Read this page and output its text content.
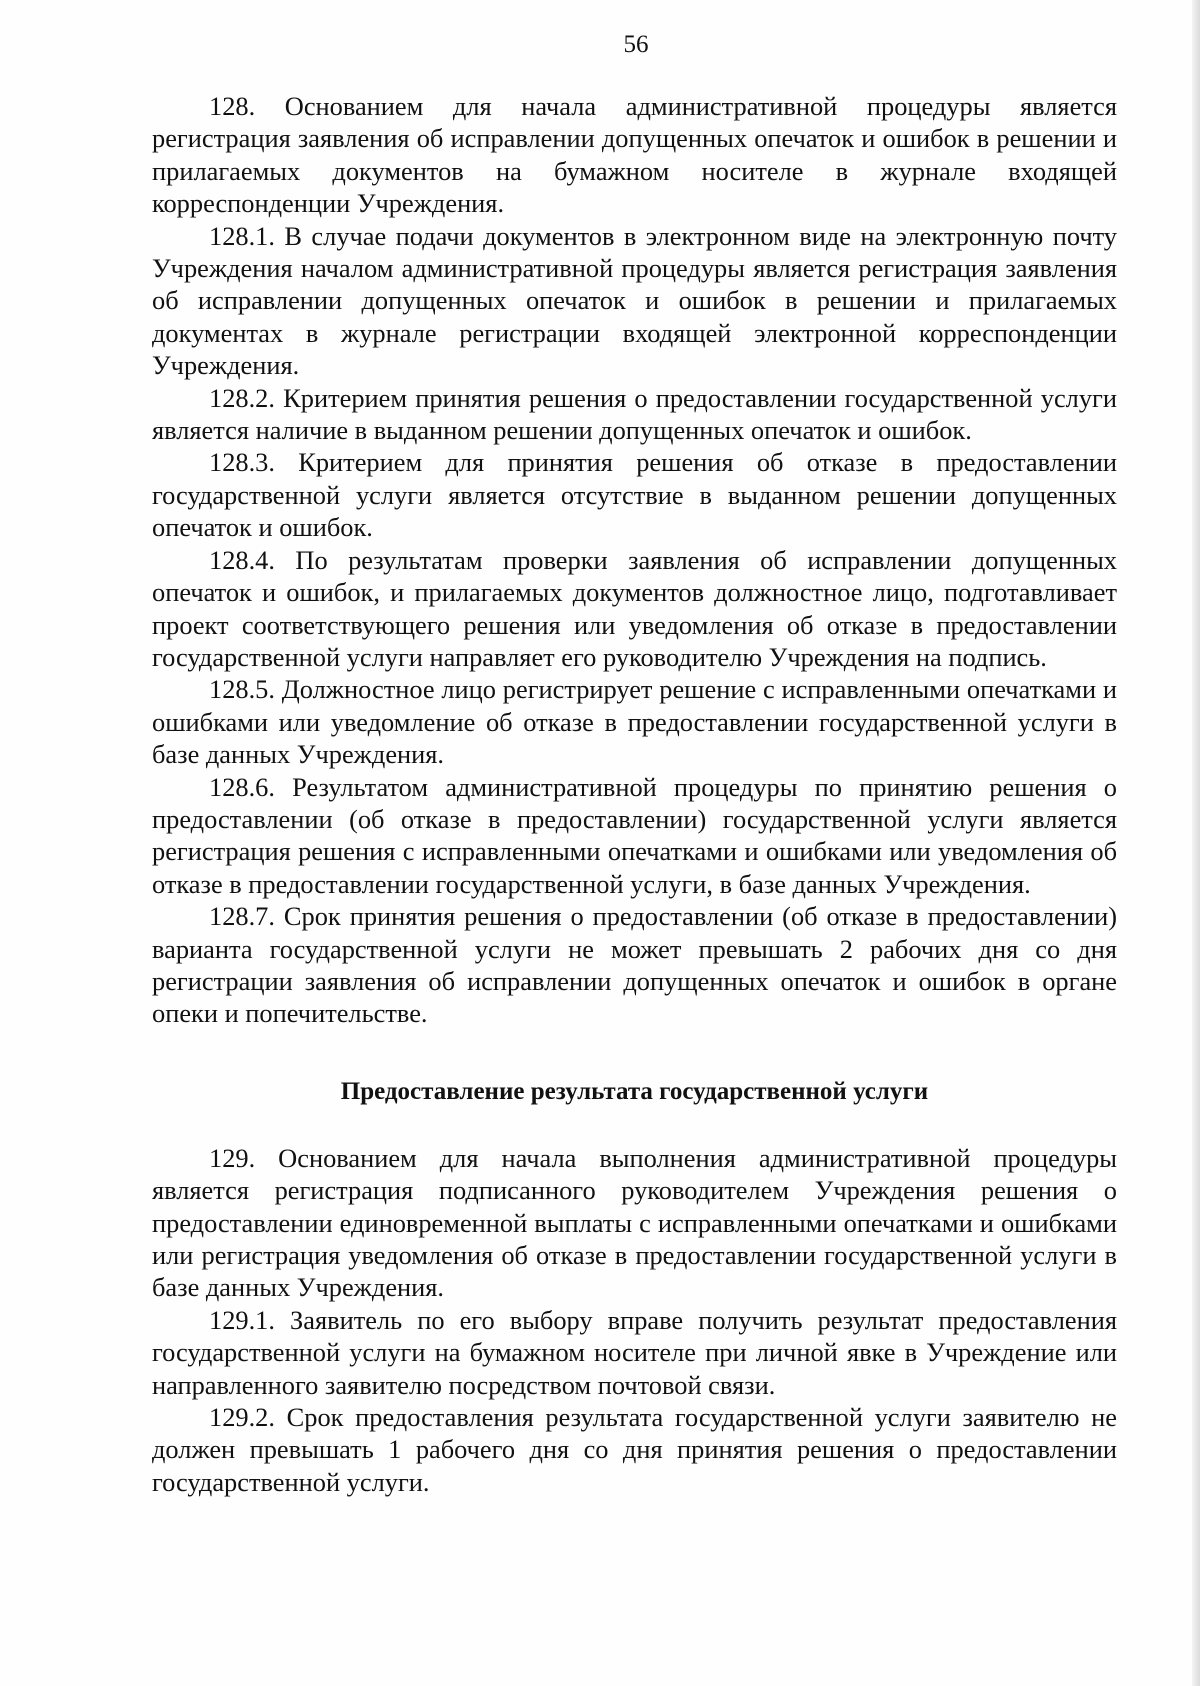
56

128. Основанием для начала административной процедуры является регистрация заявления об исправлении допущенных опечаток и ошибок в решении и прилагаемых документов на бумажном носителе в журнале входящей корреспонденции Учреждения.

128.1. В случае подачи документов в электронном виде на электронную почту Учреждения началом административной процедуры является регистрация заявления об исправлении допущенных опечаток и ошибок в решении и прилагаемых документах в журнале регистрации входящей электронной корреспонденции Учреждения.

128.2. Критерием принятия решения о предоставлении государственной услуги является наличие в выданном решении допущенных опечаток и ошибок.

128.3. Критерием для принятия решения об отказе в предоставлении государственной услуги является отсутствие в выданном решении допущенных опечаток и ошибок.

128.4. По результатам проверки заявления об исправлении допущенных опечаток и ошибок, и прилагаемых документов должностное лицо, подготавливает проект соответствующего решения или уведомления об отказе в предоставлении государственной услуги направляет его руководителю Учреждения на подпись.

128.5. Должностное лицо регистрирует решение с исправленными опечатками и ошибками или уведомление об отказе в предоставлении государственной услуги в базе данных Учреждения.

128.6. Результатом административной процедуры по принятию решения о предоставлении (об отказе в предоставлении) государственной услуги является регистрация решения с исправленными опечатками и ошибками или уведомления об отказе в предоставлении государственной услуги, в базе данных Учреждения.

128.7. Срок принятия решения о предоставлении (об отказе в предоставлении) варианта государственной услуги не может превышать 2 рабочих дня со дня регистрации заявления об исправлении допущенных опечаток и ошибок в органе опеки и попечительстве.

Предоставление результата государственной услуги

129. Основанием для начала выполнения административной процедуры является регистрация подписанного руководителем Учреждения решения о предоставлении единовременной выплаты с исправленными опечатками и ошибками или регистрация уведомления об отказе в предоставлении государственной услуги в базе данных Учреждения.

129.1. Заявитель по его выбору вправе получить результат предоставления государственной услуги на бумажном носителе при личной явке в Учреждение или направленного заявителю посредством почтовой связи.

129.2. Срок предоставления результата государственной услуги заявителю не должен превышать 1 рабочего дня со дня принятия решения о предоставлении государственной услуги.
